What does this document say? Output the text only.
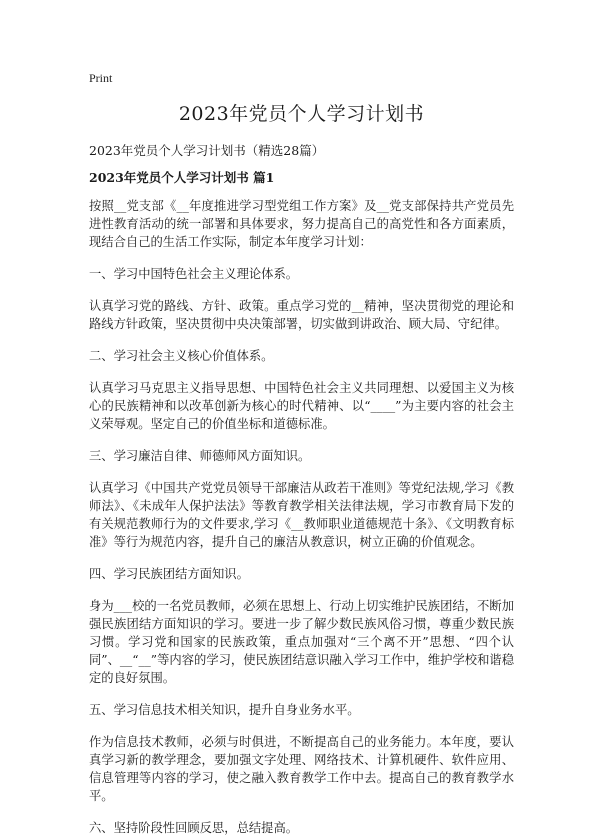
Print
2023年党员个人学习计划书
2023年党员个人学习计划书（精选28篇）
2023年党员个人学习计划书 篇1
按照__党支部《__年度推进学习型党组工作方案》及__党支部保持共产党员先进性教育活动的统一部署和具体要求，努力提高自己的高党性和各方面素质，现结合自己的生活工作实际，制定本年度学习计划：
一、学习中国特色社会主义理论体系。
认真学习党的路线、方针、政策。重点学习党的__精神，坚决贯彻党的理论和路线方针政策，坚决贯彻中央决策部署，切实做到讲政治、顾大局、守纪律。
二、学习社会主义核心价值体系。
认真学习马克思主义指导思想、中国特色社会主义共同理想、以爱国主义为核心的民族精神和以改革创新为核心的时代精神、以“____”为主要内容的社会主义荣辱观。坚定自己的价值坐标和道德标准。
三、学习廉洁自律、师德师风方面知识。
认真学习《中国共产党党员领导干部廉洁从政若干准则》等党纪法规,学习《教师法》、《未成年人保护法法》等教育教学相关法律法规，学习市教育局下发的有关规范教师行为的文件要求,学习《__教师职业道德规范十条》、《文明教育标准》等行为规范内容，提升自己的廉洁从教意识，树立正确的价值观念。
四、学习民族团结方面知识。
身为___校的一名党员教师，必须在思想上、行动上切实维护民族团结，不断加强民族团结方面知识的学习。要进一步了解少数民族风俗习惯，尊重少数民族习惯。学习党和国家的民族政策，重点加强对“三个离不开”思想、“四个认同”、__“__”等内容的学习，使民族团结意识融入学习工作中，维护学校和谐稳定的良好氛围。
五、学习信息技术相关知识，提升自身业务水平。
作为信息技术教师，必须与时俱进，不断提高自己的业务能力。本年度，要认真学习新的教学理念，要加强文字处理、网络技术、计算机硬件、软件应用、信息管理等内容的学习，使之融入教育教学工作中去。提高自己的教育教学水平。
六、坚持阶段性回顾反思，总结提高。
